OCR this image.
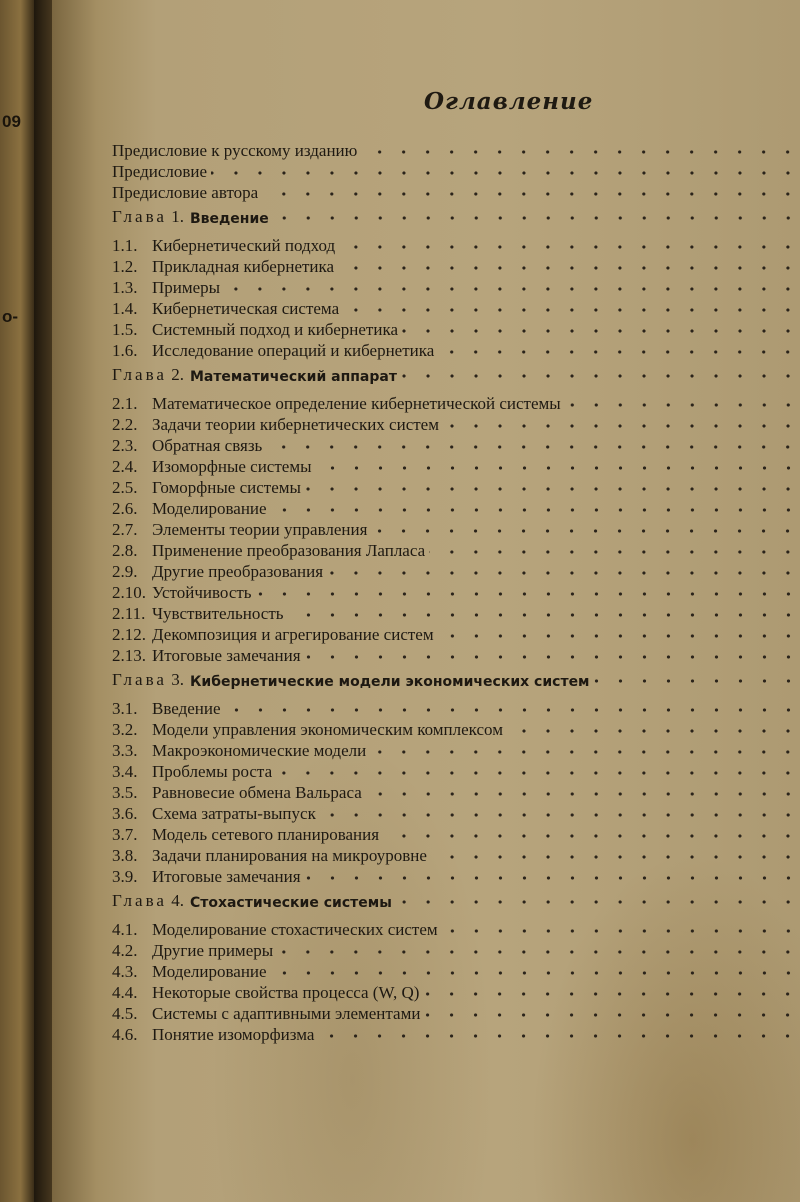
09
о-
Оглавление
Предисловие к русскому изданию
Предисловие
Предисловие автора
Глава
1. Введение
1.1. Кибернетический подход
1.2. Прикладная кибернетика
1.3. Примеры
1.4. Кибернетическая система
1.5. Системный подход и кибернетика
1.6. Исследование операций и кибернетика
Глава
2. Математический аппарат
2.1. Математическое определение кибернетической системы
2.2. Задачи теории кибернетических систем
2.3. Обратная связь
2.4. Изоморфные системы
2.5. Гоморфные системы
2.6. Моделирование
2.7. Элементы теории управления
2.8. Применение преобразования Лапласа
2.9. Другие преобразования
2.10. Устойчивость
2.11. Чувствительность
2.12. Декомпозиция и агрегирование систем
2.13. Итоговые замечания
Глава
3. Кибернетические модели экономических систем
3.1. Введение
3.2. Модели управления экономическим комплексом
3.3. Макроэкономические модели
3.4. Проблемы роста
3.5. Равновесие обмена Вальраса
3.6. Схема затраты-выпуск
3.7. Модель сетевого планирования
3.8. Задачи планирования на микроуровне
3.9. Итоговые замечания
Глава
4. Стохастические системы
4.1. Моделирование стохастических систем
4.2. Другие примеры
4.3. Моделирование
4.4. Некоторые свойства процесса (W, Q)
4.5. Системы с адаптивными элементами
4.6. Понятие изоморфизма
